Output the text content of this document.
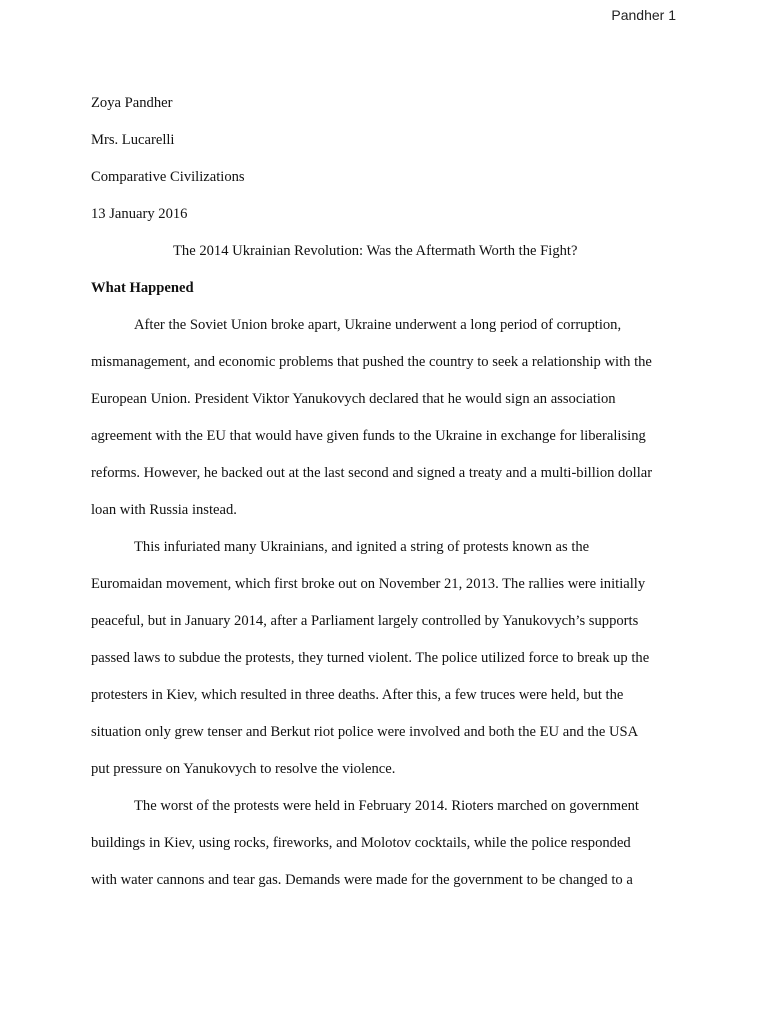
Pandher 1
Zoya Pandher
Mrs. Lucarelli
Comparative Civilizations
13 January 2016
The 2014 Ukrainian Revolution: Was the Aftermath Worth the Fight?
What Happened
After the Soviet Union broke apart, Ukraine underwent a long period of corruption,
mismanagement, and economic problems that pushed the country to seek a relationship with the
European Union. President Viktor Yanukovych declared that he would sign an association
agreement with the EU that would have given funds to the Ukraine in exchange for liberalising
reforms. However, he backed out at the last second and signed a treaty and a multi-billion dollar
loan with Russia instead.
This infuriated many Ukrainians, and ignited a string of protests known as the
Euromaidan movement, which first broke out on November 21, 2013. The rallies were initially
peaceful, but in January 2014, after a Parliament largely controlled by Yanukovych’s supports
passed laws to subdue the protests, they turned violent. The police utilized force to break up the
protesters in Kiev, which resulted in three deaths. After this, a few truces were held, but the
situation only grew tenser and Berkut riot police were involved and both the EU and the USA
put pressure on Yanukovych to resolve the violence.
The worst of the protests were held in February 2014. Rioters marched on government
buildings in Kiev, using rocks, fireworks, and Molotov cocktails, while the police responded
with water cannons and tear gas. Demands were made for the government to be changed to a
